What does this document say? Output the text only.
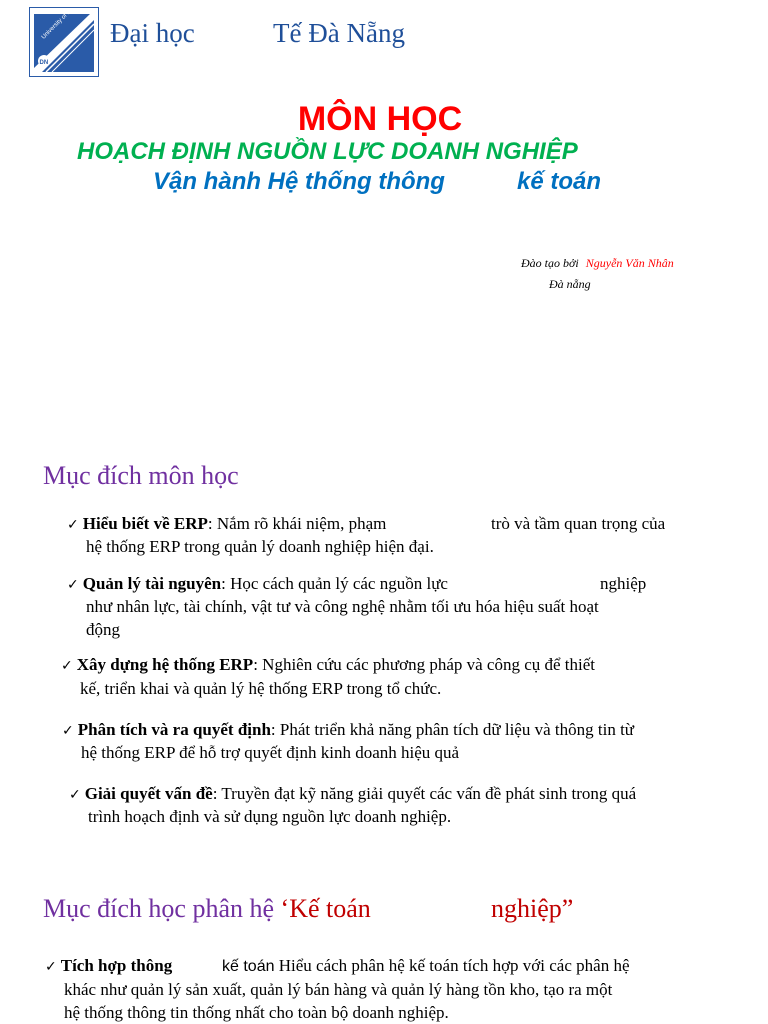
DN
Đại học	Tế Đà Nẵng
MÔN HỌC
HOẠCH ĐỊNH NGUỒN LỰC DOANH NGHIỆP
Vận hành Hệ thống thông	kế toán
Đào tạo bởi Nguyễn Văn Nhân
Đà nẵng
Mục đích môn học
✓ Hiểu biết về ERP: Nắm rõ khái niệm, phạm	trò và tầm quan trọng của
hệ thống ERP trong quản lý doanh nghiệp hiện đại.
✓ Quản lý tài nguyên: Học cách quản lý các nguồn lực	nghiệp
như nhân lực, tài chính, vật tư và công nghệ nhằm tối ưu hóa hiệu suất hoạt
động
✓ Xây dựng hệ thống ERP: Nghiên cứu các phương pháp và công cụ để thiết
kế, triển khai và quản lý hệ thống ERP trong tổ chức.
✓ Phân tích và ra quyết định: Phát triển khả năng phân tích dữ liệu và thông tin từ
hệ thống ERP để hỗ trợ quyết định kinh doanh hiệu quả
✓ Giải quyết vấn đề: Truyền đạt kỹ năng giải quyết các vấn đề phát sinh trong quá
trình hoạch định và sử dụng nguồn lực doanh nghiệp.
Mục đích học phân hệ ‘Kế toán	nghiệp”
✓ Tích hợp thông	kế toán Hiểu cách phân hệ kế toán tích hợp với các phân hệ
khác như quản lý sản xuất, quản lý bán hàng và quản lý hàng tồn kho, tạo ra một
hệ thống thông tin thống nhất cho toàn bộ doanh nghiệp.
